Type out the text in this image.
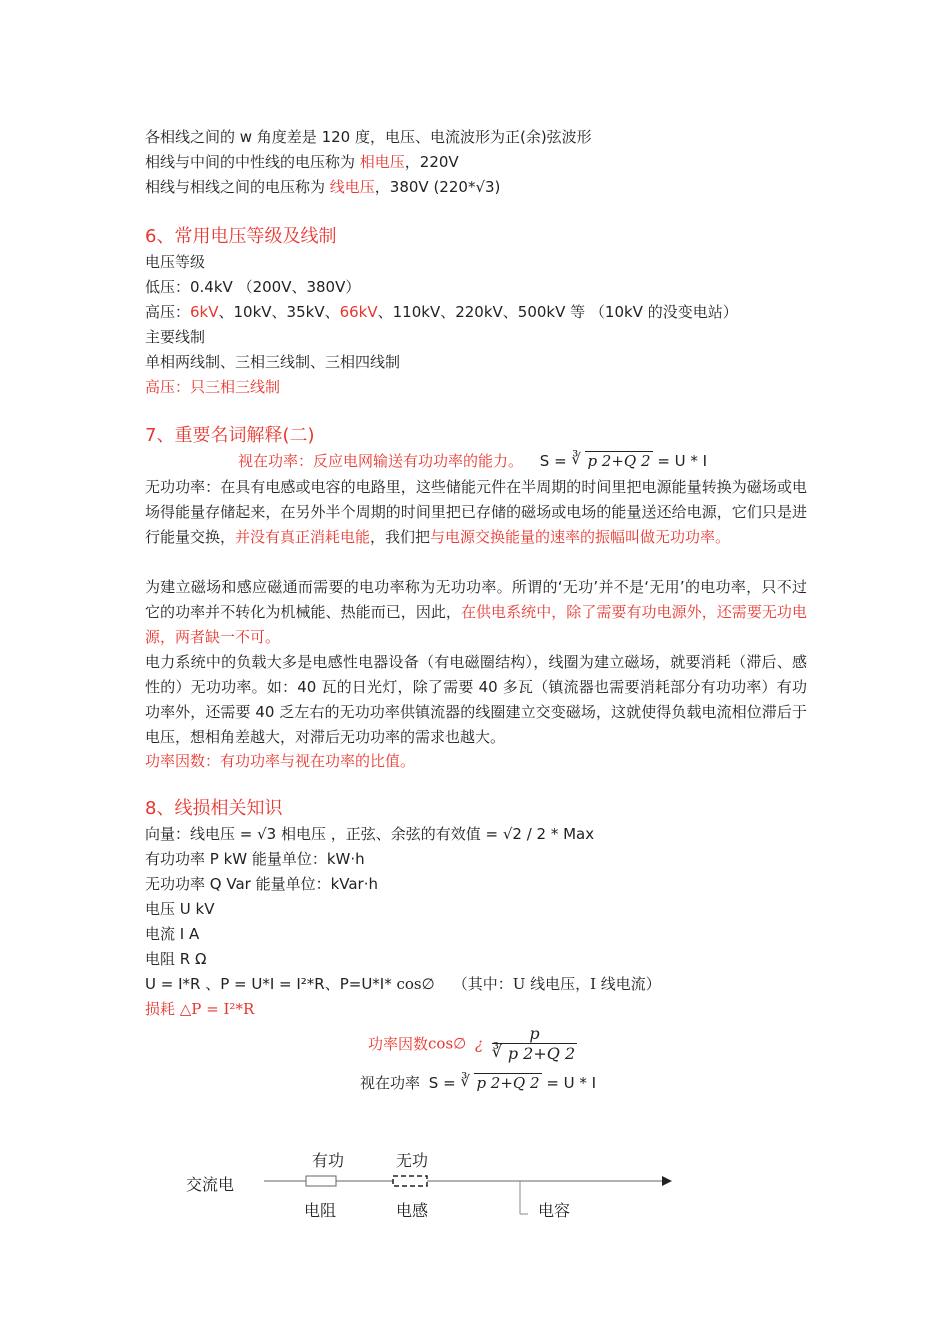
各相线之间的 w 角度差是 120 度，电压、电流波形为正(余)弦波形
相线与中间的中性线的电压称为 相电压，220V
相线与相线之间的电压称为 线电压，380V (220*√3)
6、常用电压等级及线制
电压等级
低压：0.4kV （200V、380V）
高压：6kV、10kV、35kV、66kV、110kV、220kV、500kV 等 （10kV 的没变电站）
主要线制
单相两线制、三相三线制、三相四线制
高压：只三相三线制
7、重要名词解释(二)
视在功率：反应电网输送有功功率的能力。 S = ∛ p 2+Q 2 = U * I
无功功率：在具有电感或电容的电路里，这些储能元件在半周期的时间里把电源能量转换为磁场或电场得能量存储起来，在另外半个周期的时间里把已存储的磁场或电场的能量送还给电源，它们只是进行能量交换，并没有真正消耗电能，我们把与电源交换能量的速率的振幅叫做无功功率。
为建立磁场和感应磁通而需要的电功率称为无功功率。所谓的‘无功’并不是‘无用’的电功率，只不过它的功率并不转化为机械能、热能而已，因此，在供电系统中，除了需要有功电源外，还需要无功电源，两者缺一不可。
电力系统中的负载大多是电感性电器设备（有电磁圈结构），线圈为建立磁场，就要消耗（滞后、感性的）无功功率。如：40 瓦的日光灯，除了需要 40 多瓦（镇流器也需要消耗部分有功功率）有功功率外，还需要 40 乏左右的无功功率供镇流器的线圈建立交变磁场，这就使得负载电流相位滞后于电压，想相角差越大，对滞后无功功率的需求也越大。
功率因数：有功功率与视在功率的比值。
8、线损相关知识
向量：线电压 = √3 相电压 ，正弦、余弦的有效值 = √2 / 2 * Max
有功功率 P kW 能量单位：kW·h
无功功率 Q Var 能量单位：kVar·h
电压 U kV
电流 I A
电阻 R Ω
U = I*R 、P = U*I = I²*R、P=U*I* cos∅ （其中：U 线电压，I 线电流）
损耗 △P = I²*R
功率因数cos∅ ¿ $\frac{p}{∛ p 2+Q 2}$
视在功率 S = ∛ p 2+Q 2 = U * I
交流电
有功	无功
电阻	电感	电容
